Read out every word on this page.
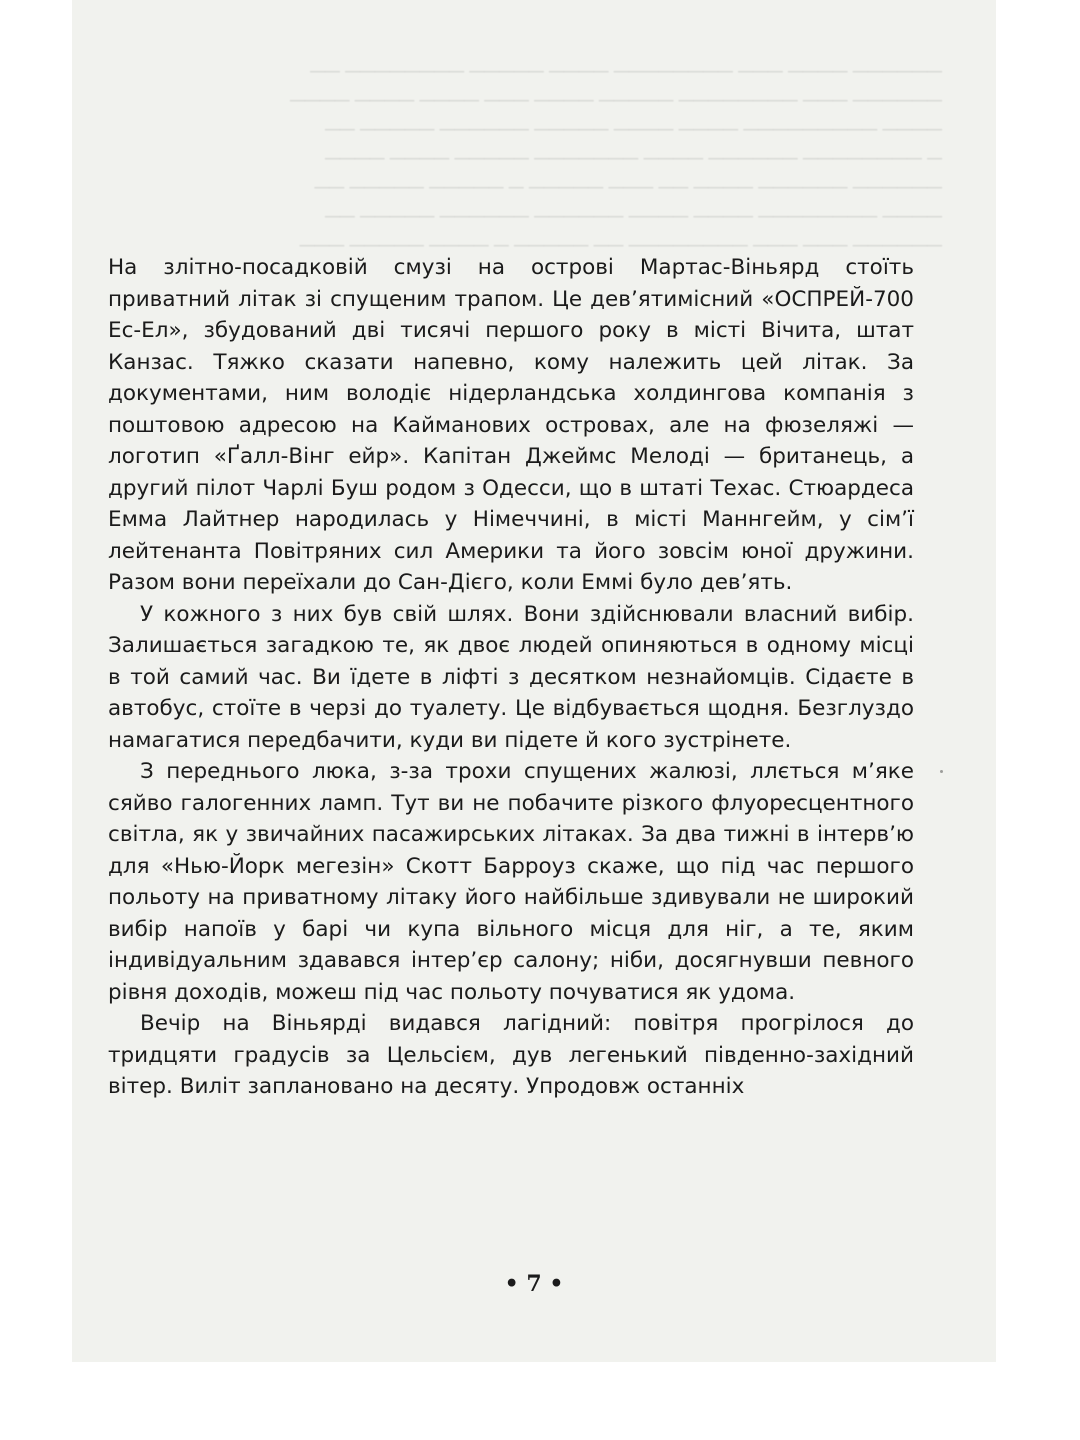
────── ──── ─── ──────── ──── ───── ──────── ──
────── ─── ──────── ───── ──── ─── ──── ──── ────
──── ───────── ──── ──── ───── ────── ───── ──
─ ──────── ────── ──── ─────── ───── ──── ────
────── ────── ──── ── ─── ───── ─ ───── ───── ──
──── ──────── ──── ──── ────── ────── ───── ──
────── ─── ─── ──────── ── ───── ─ ──── ───── ───

На злітно-посадковій смузі на острові Мартас-Віньярд стоїть приватний літак зі спущеним трапом. Це дев’ятимісний «ОСПРЕЙ-700 Ес-Ел», збудований дві тисячі першого року в місті Вічита, штат Канзас. Тяжко сказати напевно, кому належить цей літак. За документами, ним володіє нідерландська холдингова компанія з поштовою адресою на Кайманових островах, але на фюзеляжі — логотип «Ґалл-Вінг ейр». Капітан Джеймс Мелоді — британець, а другий пілот Чарлі Буш родом з Одесси, що в штаті Техас. Стюардеса Емма Лайтнер народилась у Німеччині, в місті Маннгейм, у сім’ї лейтенанта Повітряних сил Америки та його зовсім юної дружини. Разом вони переїхали до Сан-Дієго, коли Еммі було дев’ять.

У кожного з них був свій шлях. Вони здійснювали власний вибір. Залишається загадкою те, як двоє людей опиняються в одному місці в той самий час. Ви їдете в ліфті з десятком незнайомців. Сідаєте в автобус, стоїте в черзі до туалету. Це відбувається щодня. Безглуздо намагатися передбачити, куди ви підете й кого зустрінете.

З переднього люка, з-за трохи спущених жалюзі, ллється м’яке сяйво галогенних ламп. Тут ви не побачите різкого флуоресцентного світла, як у звичайних пасажирських літаках. За два тижні в інтерв’ю для «Нью-Йорк мегезін» Скотт Барроуз скаже, що під час першого польоту на приватному літаку його найбільше здивували не широкий вибір напоїв у барі чи купа вільного місця для ніг, а те, яким індивідуальним здавався інтер’єр салону; ніби, досягнувши певного рівня доходів, можеш під час польоту почуватися як удома.

Вечір на Віньярді видався лагідний: повітря прогрілося до тридцяти градусів за Цельсієм, дув легенький південно-західний вітер. Виліт заплановано на десяту. Упродовж останніх

• 7 •
